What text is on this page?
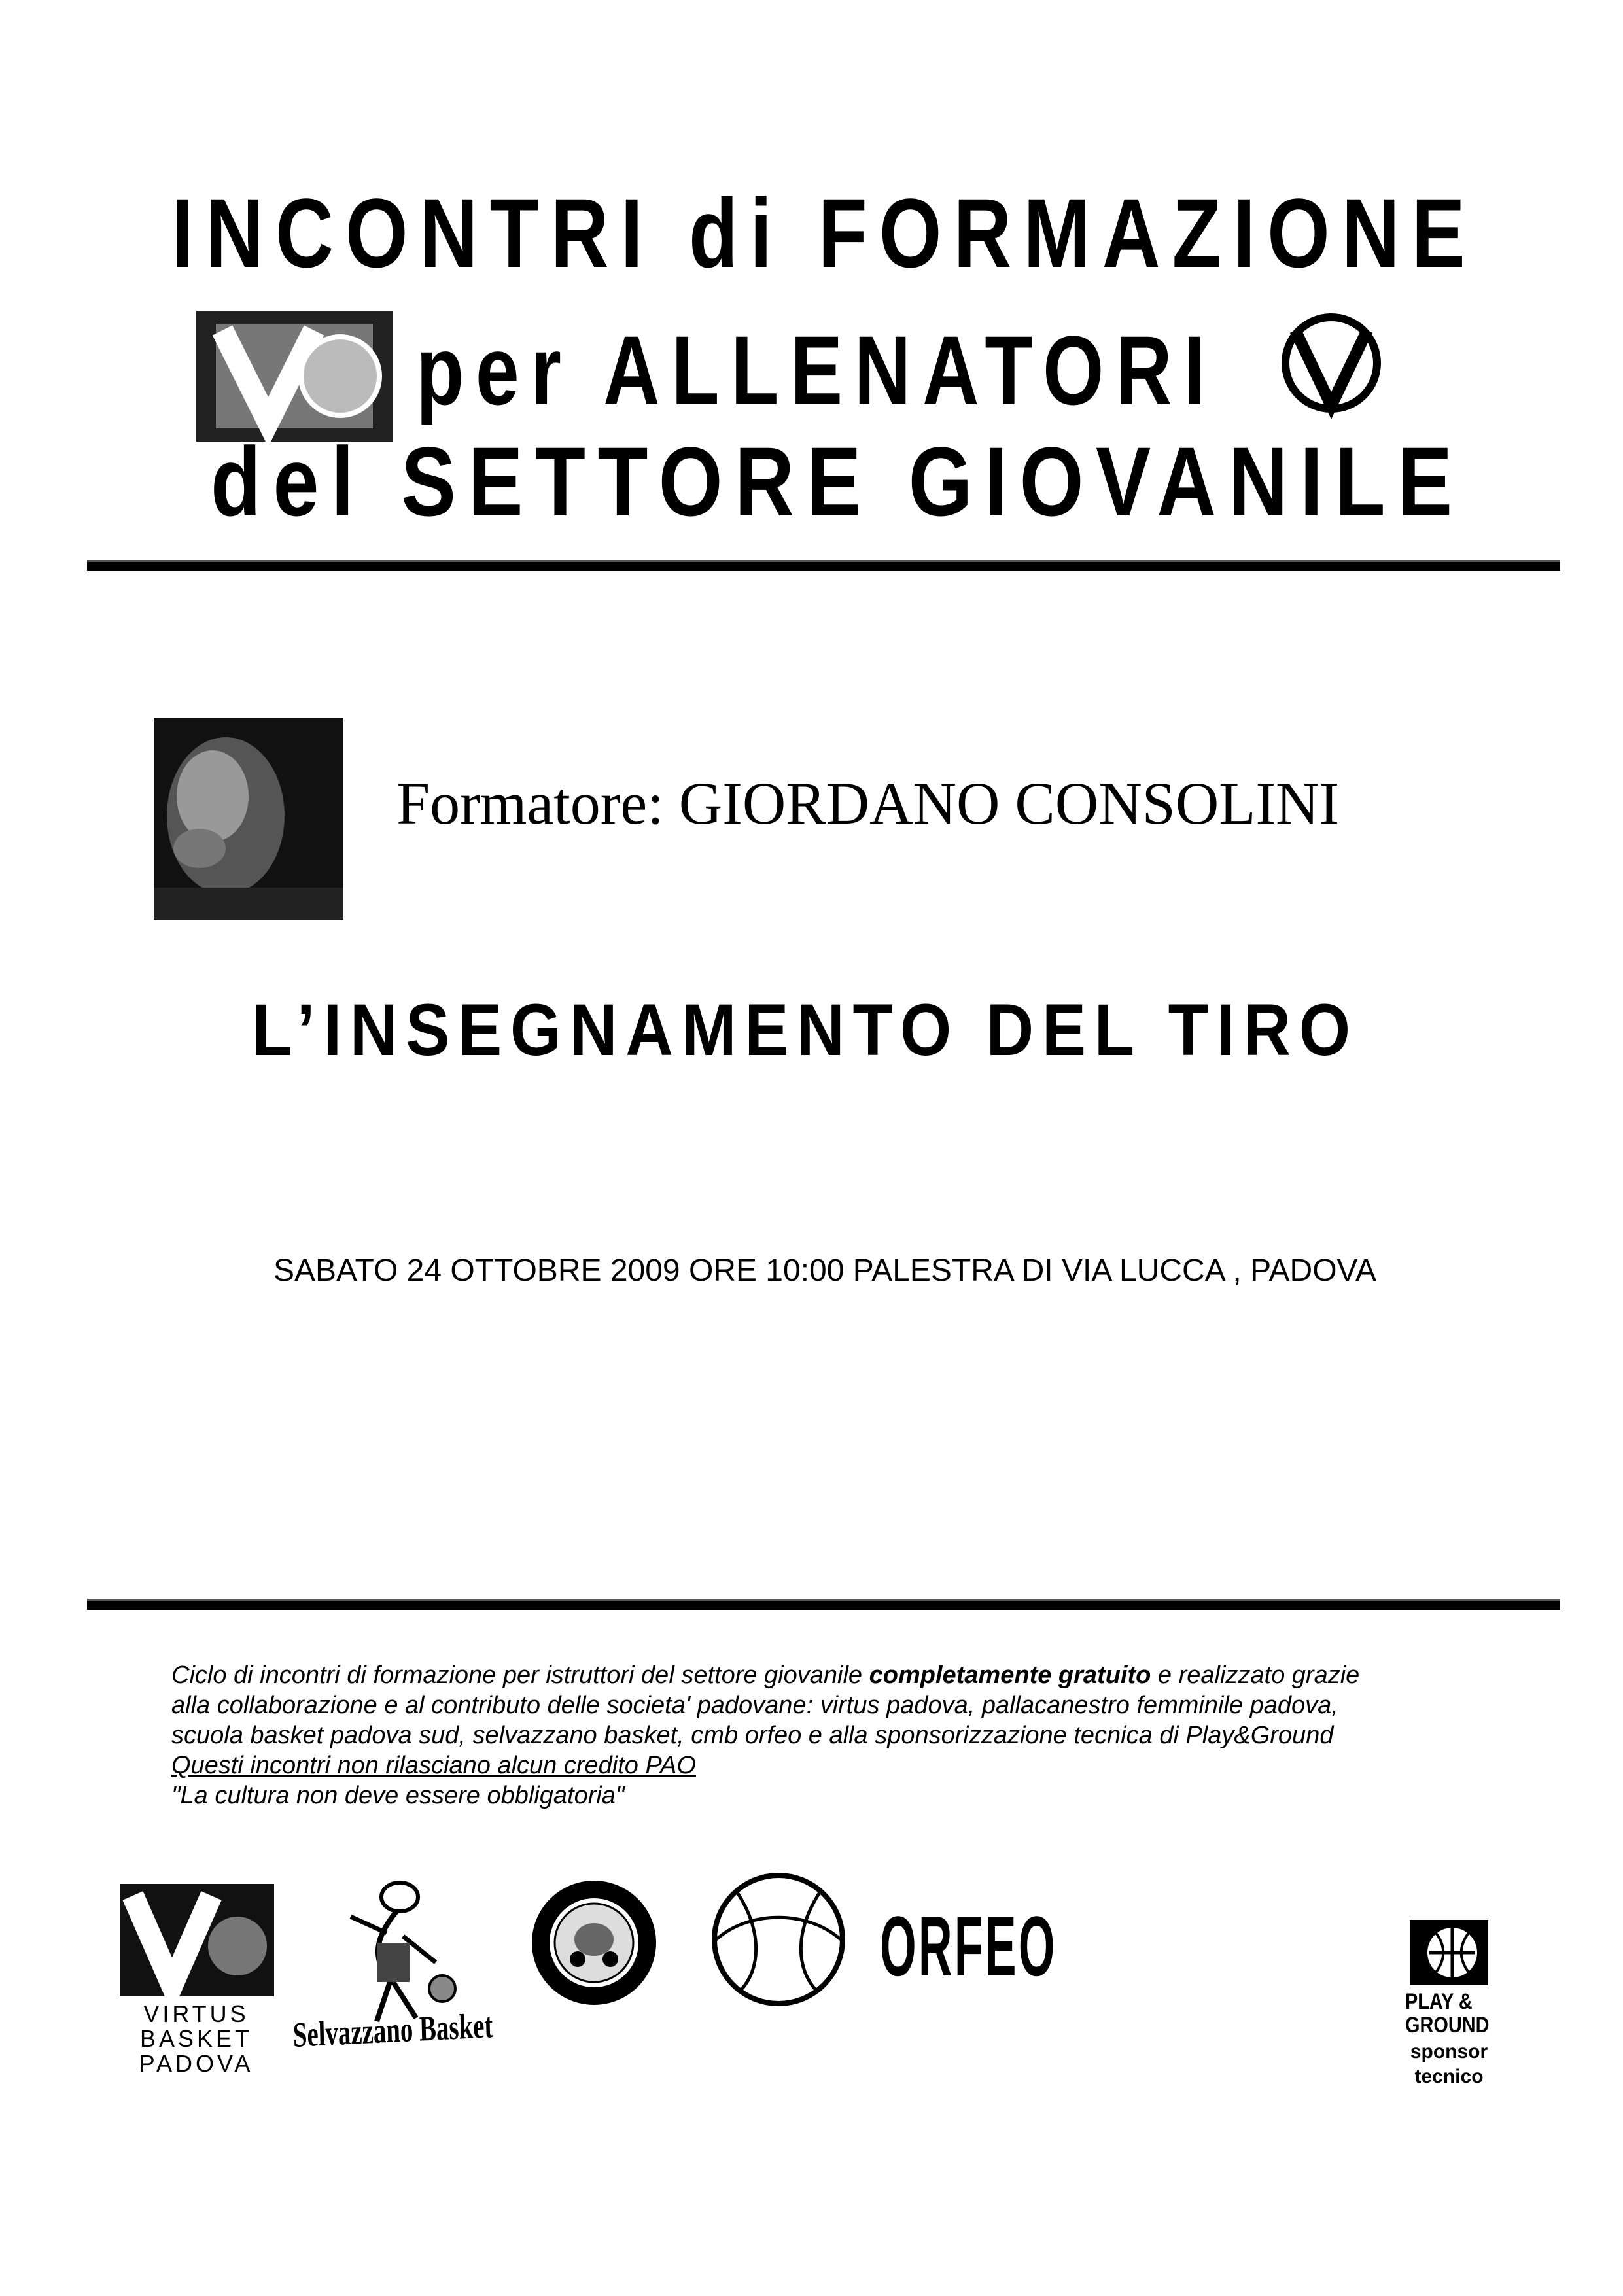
INCONTRI di FORMAZIONE
per ALLENATORI
del SETTORE GIOVANILE
Formatore: GIORDANO CONSOLINI
L’INSEGNAMENTO DEL TIRO
SABATO 24 OTTOBRE 2009 ORE 10:00 PALESTRA DI VIA LUCCA , PADOVA

Ciclo di incontri di formazione per istruttori del settore giovanile completamente gratuito e realizzato grazie

alla collaborazione e al contributo delle societa' padovane: virtus padova, pallacanestro femminile padova,

scuola basket padova sud, selvazzano basket, cmb orfeo e alla sponsorizzazione tecnica di Play&Ground

Questi incontri non rilasciano alcun credito PAO

"La cultura non deve essere obbligatoria"

VIRTUS
BASKET
PADOVA
Selvazzano Basket
ORFEO
PLAY &
GROUND
sponsor
tecnico
